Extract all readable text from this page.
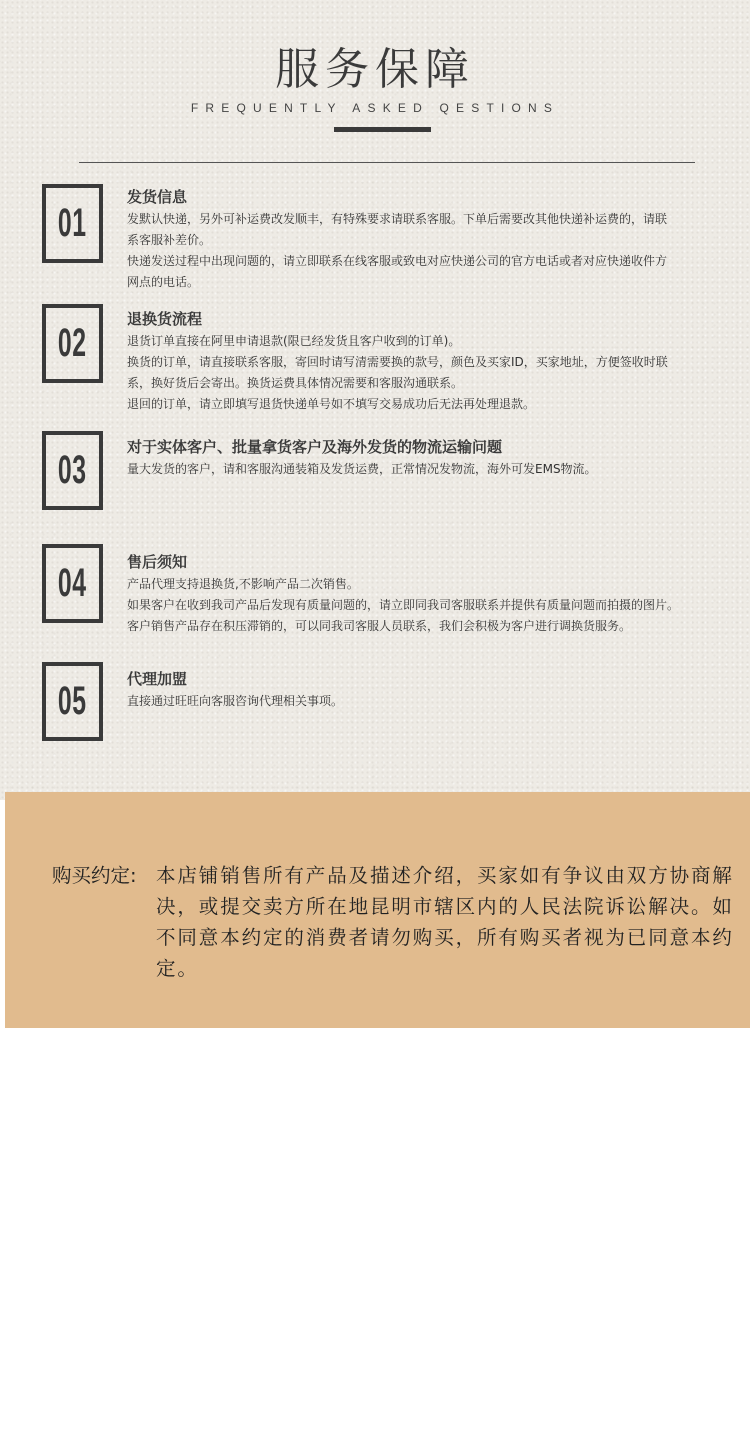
服务保障
FREQUENTLY ASKED QESTIONS
01
发货信息
发默认快递，另外可补运费改发顺丰，有特殊要求请联系客服。下单后需要改其他快递补运费的，请联
系客服补差价。
快递发送过程中出现问题的，请立即联系在线客服或致电对应快递公司的官方电话或者对应快递收件方
网点的电话。
02
退换货流程
退货订单直接在阿里申请退款(限已经发货且客户收到的订单)。
换货的订单，请直接联系客服，寄回时请写清需要换的款号，颜色及买家ID，买家地址，方便签收时联
系，换好货后会寄出。换货运费具体情况需要和客服沟通联系。
退回的订单，请立即填写退货快递单号如不填写交易成功后无法再处理退款。
03
对于实体客户、批量拿货客户及海外发货的物流运输问题
量大发货的客户，请和客服沟通装箱及发货运费，正常情况发物流，海外可发EMS物流。
04	售后须知
产品代理支持退换货,不影响产品二次销售。
如果客户在收到我司产品后发现有质量问题的，请立即同我司客服联系并提供有质量问题而拍摄的图片。
客户销售产品存在积压滞销的，可以同我司客服人员联系，我们会积极为客户进行调换货服务。
05	代理加盟
直接通过旺旺向客服咨询代理相关事项。
购买约定: 本店铺销售所有产品及描述介绍，买家如有争议由双方协商解决，或提交卖方所在地昆明市辖区内的人民法院诉讼解决。如不同意本约定的消费者请勿购买，所有购买者视为已同意本约定。
